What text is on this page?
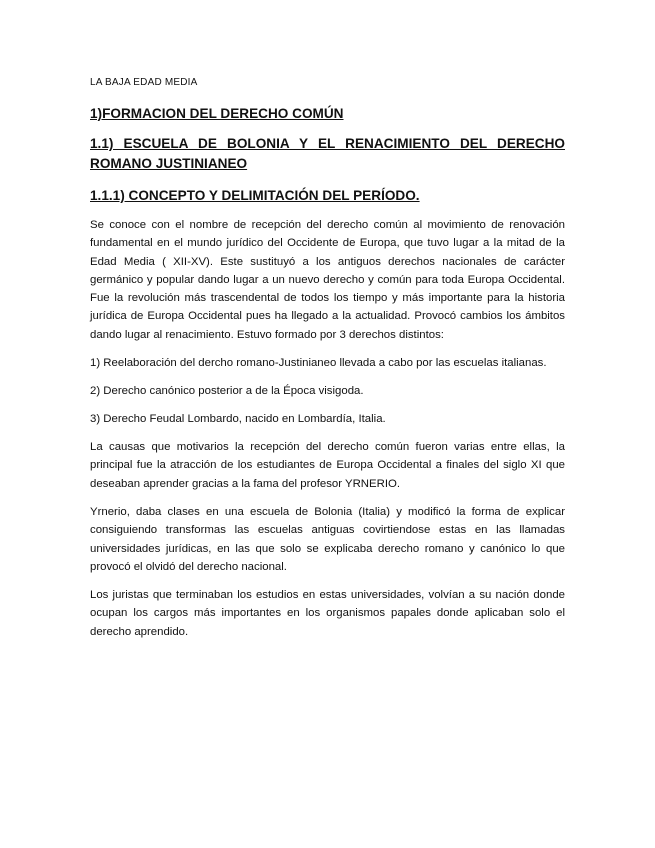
LA BAJA EDAD MEDIA
1)FORMACION DEL DERECHO COMÚN
1.1) ESCUELA DE BOLONIA Y EL RENACIMIENTO DEL DERECHO ROMANO JUSTINIANEO
1.1.1) CONCEPTO Y DELIMITACIÓN DEL PERÍODO.

Se conoce con el nombre de recepción del derecho común al movimiento de renovación fundamental en el mundo jurídico del Occidente de Europa, que tuvo lugar a la mitad de la Edad Media ( XII-XV). Este sustituyó a los antiguos derechos nacionales de carácter germánico y popular dando lugar a un nuevo derecho y común para toda Europa Occidental. Fue la revolución más trascendental de todos los tiempo y más importante para la historia jurídica de Europa Occidental pues ha llegado a la actualidad. Provocó cambios los ámbitos dando lugar al renacimiento. Estuvo formado por 3 derechos distintos:

1) Reelaboración del dercho romano-Justinianeo llevada a cabo por las escuelas italianas.

2) Derecho canónico posterior a de la Época visigoda.

3) Derecho Feudal Lombardo, nacido en Lombardía, Italia.

La causas que motivarios la recepción del derecho común fueron varias entre ellas, la principal fue la atracción de los estudiantes de Europa Occidental a finales del siglo XI que deseaban aprender gracias a la fama del profesor YRNERIO.

Yrnerio, daba clases en una escuela de Bolonia (Italia) y modificó la forma de explicar consiguiendo transformas las escuelas antiguas covirtiendose estas en las llamadas universidades jurídicas, en las que solo se explicaba derecho romano y canónico lo que provocó el olvidó del derecho nacional.

Los juristas que terminaban los estudios en estas universidades, volvían a su nación donde ocupan los cargos más importantes en los organismos papales donde aplicaban solo el derecho aprendido.
